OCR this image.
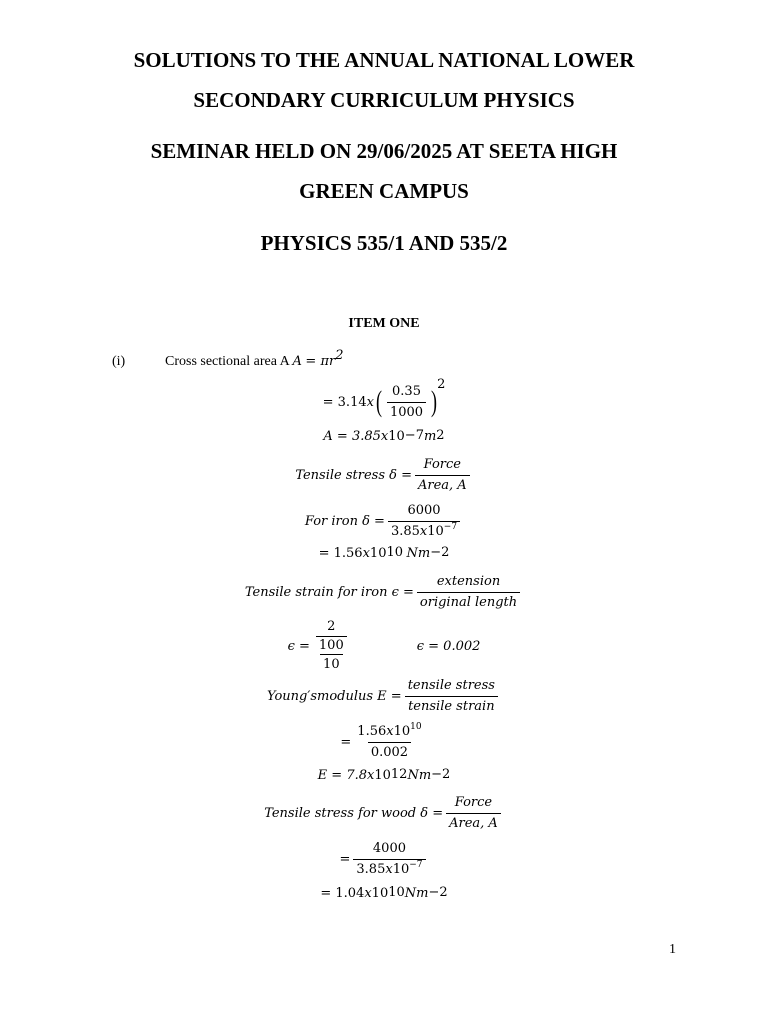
SOLUTIONS TO THE ANNUAL NATIONAL LOWER
SECONDARY CURRICULUM PHYSICS
SEMINAR HELD ON 29/06/2025 AT SEETA HIGH
GREEN CAMPUS
PHYSICS 535/1 AND 535/2
ITEM ONE
(i)	Cross sectional area A $A = \pi r^2$
= 3.14 x ( $\frac{0.35}{1000}$ )
2
A = 3.85 x 10 −7 m 2
Tensile stress $\delta = \frac{\text{Force}}{\text{Area, A}}$
For iron $\delta = \frac{6000}{3.85x10^{-7}}$
= 1.56 x 10 10
Nm −2
Tensile strain for iron $\epsilon = \frac{\text{extension}}{\text{original length}}$
$\epsilon = \frac{\frac{2}{100}}{10}$	ϵ = 0.002
Young′smodulus $E = \frac{\text{tensile stress}}{\text{tensile strain}}$
= $\frac{1.56x10^{10}}{0.002}$
E = 7.8 x 10 12 Nm −2
Tensile stress for wood $\delta = \frac{\text{Force}}{\text{Area, A}}$
= $\frac{4000}{3.85x10^{-7}}$
= 1.04 x 10 10 Nm −2
1
